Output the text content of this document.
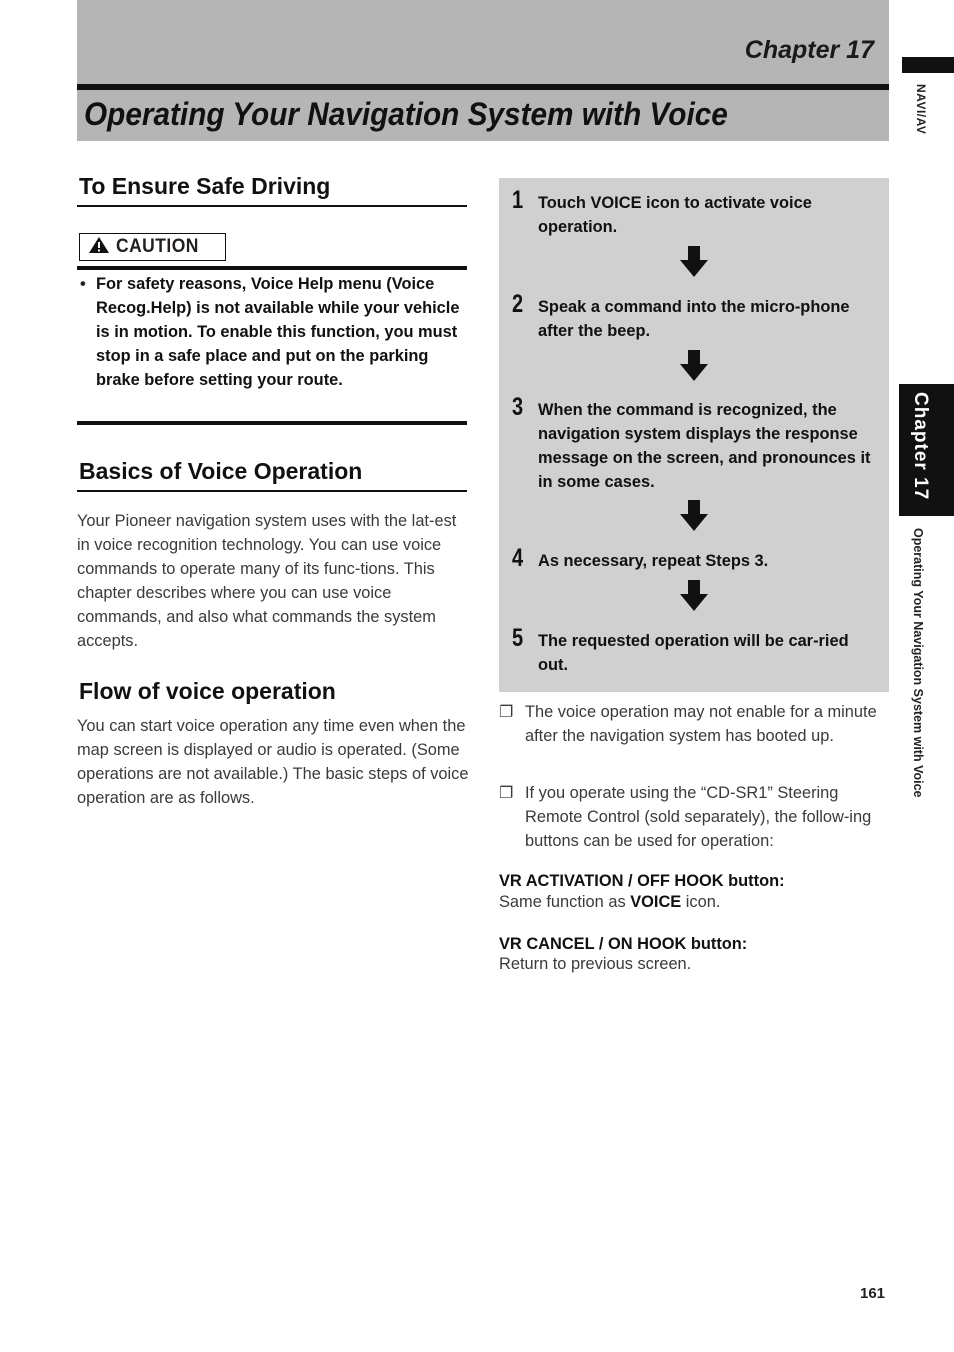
Chapter 17
Operating Your Navigation System with Voice	NAVI/AV
Chapter 17
Operating Your Navigation System with Voice
To Ensure Safe Driving
CAUTION
• For safety reasons, Voice Help menu (Voice Recog.Help) is not available while your vehicle is in motion. To enable this function, you must stop in a safe place and put on the parking brake before setting your route.
Basics of Voice Operation
Your Pioneer navigation system uses with the lat-est in voice recognition technology. You can use voice commands to operate many of its func-tions. This chapter describes where you can use voice commands, and also what commands the system accepts.
Flow of voice operation
You can start voice operation any time even when the map screen is displayed or audio is operated. (Some operations are not available.) The basic steps of voice operation are as follows.
1 Touch VOICE icon to activate voice operation.
2 Speak a command into the micro-phone after the beep.
3 When the command is recognized, the navigation system displays the response message on the screen, and pronounces it in some cases.
4 As necessary, repeat Steps 3.
5 The requested operation will be car-ried out.
❐ The voice operation may not enable for a minute after the navigation system has booted up.
❐ If you operate using the “CD-SR1” Steering Remote Control (sold separately), the follow-ing buttons can be used for operation:
VR ACTIVATION / OFF HOOK button:
Same function as VOICE icon.
VR CANCEL / ON HOOK button:
Return to previous screen.
161
